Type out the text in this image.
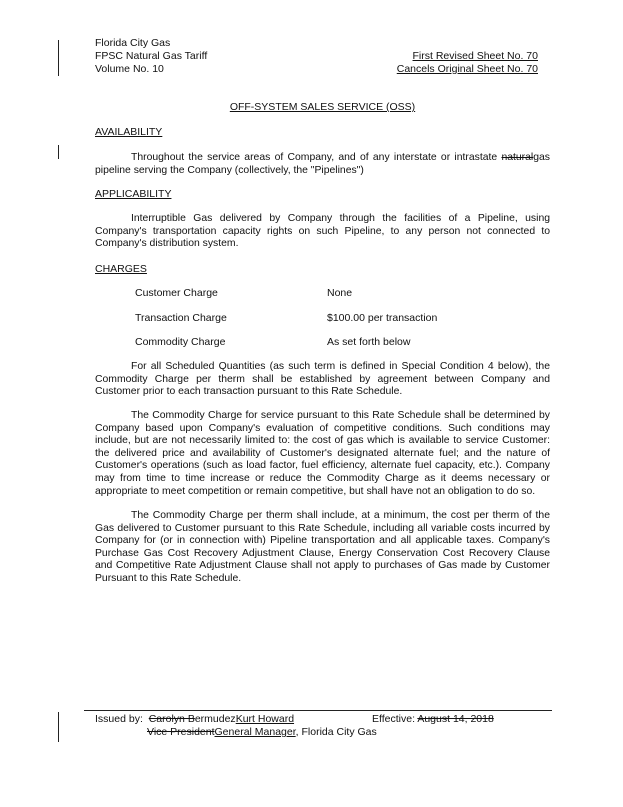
Florida City Gas
FPSC Natural Gas Tariff
Volume No. 10
First Revised Sheet No. 70
Cancels Original Sheet No. 70
OFF-SYSTEM SALES SERVICE (OSS)
AVAILABILITY
Throughout the service areas of Company, and of any interstate or intrastate naturalgas pipeline serving the Company (collectively, the "Pipelines")
APPLICABILITY
Interruptible Gas delivered by Company through the facilities of a Pipeline, using Company's transportation capacity rights on such Pipeline, to any person not connected to Company's distribution system.
CHARGES
Customer Charge	None
Transaction Charge	$100.00 per transaction
Commodity Charge	As set forth below
For all Scheduled Quantities (as such term is defined in Special Condition 4 below), the Commodity Charge per therm shall be established by agreement between Company and Customer prior to each transaction pursuant to this Rate Schedule.
The Commodity Charge for service pursuant to this Rate Schedule shall be determined by Company based upon Company's evaluation of competitive conditions. Such conditions may include, but are not necessarily limited to: the cost of gas which is available to service Customer: the delivered price and availability of Customer's designated alternate fuel; and the nature of Customer's operations (such as load factor, fuel efficiency, alternate fuel capacity, etc.). Company may from time to time increase or reduce the Commodity Charge as it deems necessary or appropriate to meet competition or remain competitive, but shall have not an obligation to do so.
The Commodity Charge per therm shall include, at a minimum, the cost per therm of the Gas delivered to Customer pursuant to this Rate Schedule, including all variable costs incurred by Company for (or in connection with) Pipeline transportation and all applicable taxes. Company's Purchase Gas Cost Recovery Adjustment Clause, Energy Conservation Cost Recovery Clause and Competitive Rate Adjustment Clause shall not apply to purchases of Gas made by Customer Pursuant to this Rate Schedule.
Issued by: Carolyn BermudezKurt Howard	Effective: August 14, 2018
Vice PresidentGeneral Manager, Florida City Gas
